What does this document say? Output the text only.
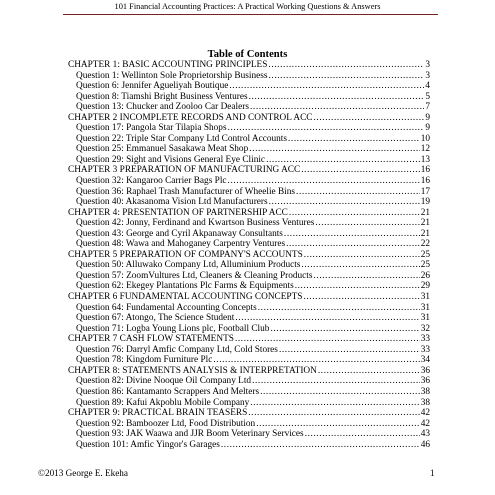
101 Financial Accounting Practices: A Practical Working Questions & Answers
Table of Contents
CHAPTER 1: BASIC ACCOUNTING PRINCIPLES .....	3
Question 1: Wellinton Sole Proprietorship Business .....	3
Question 6: Jennifer Agueliyah Boutique .....	4
Question 8: Tiamshi Bright Business Ventures .....	5
Question 13: Chucker and Zooloo Car Dealers .....	7
CHAPTER 2 INCOMPLETE RECORDS AND CONTROL ACC .....	9
Question 17: Pangola Star Tilapia Shops .....	9
Question 22: Triple Star Company Ltd Control Accounts .....	10
Question 25: Emmanuel Sasakawa Meat Shop .....	12
Question 29: Sight and Visions General Eye Clinic .....	13
CHAPTER 3 PREPARATION OF MANUFACTURING ACC .....	16
Question 32: Kangaroo Carrier Bags Plc .....	16
Question 36: Raphael Trash Manufacturer of Wheelie Bins .....	17
Question 40: Akasanoma Vision Ltd Manufacturers .....	19
CHAPTER 4: PRESENTATION OF PARTNERSHIP ACC .....	21
Question 42: Jonny, Ferdinand and Kwartson Business Ventures .....	21
Question 43: George and Cyril Akpanaway Consultants .....	21
Question 48: Wawa and Mahoganey Carpentry Ventures .....	22
CHAPTER 5 PREPARATION OF COMPANY'S ACCOUNTS .....	25
Question 50: Alluwako Company Ltd, Alluminium Products .....	25
Question 57: ZoomVultures Ltd, Cleaners & Cleaning Products .....	26
Question 62: Ekegey Plantations Plc Farms & Equipments .....	29
CHAPTER 6 FUNDAMENTAL ACCOUNTING CONCEPTS .....	31
Question 64: Fundamental Accounting Concepts .....	31
Question 67: Atongo, The Science Student .....	31
Question 71: Logba Young Lions plc, Football Club .....	32
CHAPTER 7 CASH FLOW STATEMENTS .....	33
Question 76: Darryl Amfic Company Ltd, Cold Stores .....	33
Question 78: Kingdom Furniture Plc .....	34
CHAPTER 8: STATEMENTS ANALYSIS & INTERPRETATION .....	36
Question 82: Divine Nooque Oil Company Ltd .....	36
Question 86: Kantamanto Scrappers And Melters .....	38
Question 89: Kafui Akpoblu Mobile Company .....	38
CHAPTER 9: PRACTICAL BRAIN TEASERS .....	42
Question 92: Bamboozer Ltd, Food Distribution .....	42
Question 93: JAK Waawa and JJR Boom Veterinary Services .....	43
Question 101: Amfic Yingor's Garages .....	46
©2013 George E. Ekeha	1
